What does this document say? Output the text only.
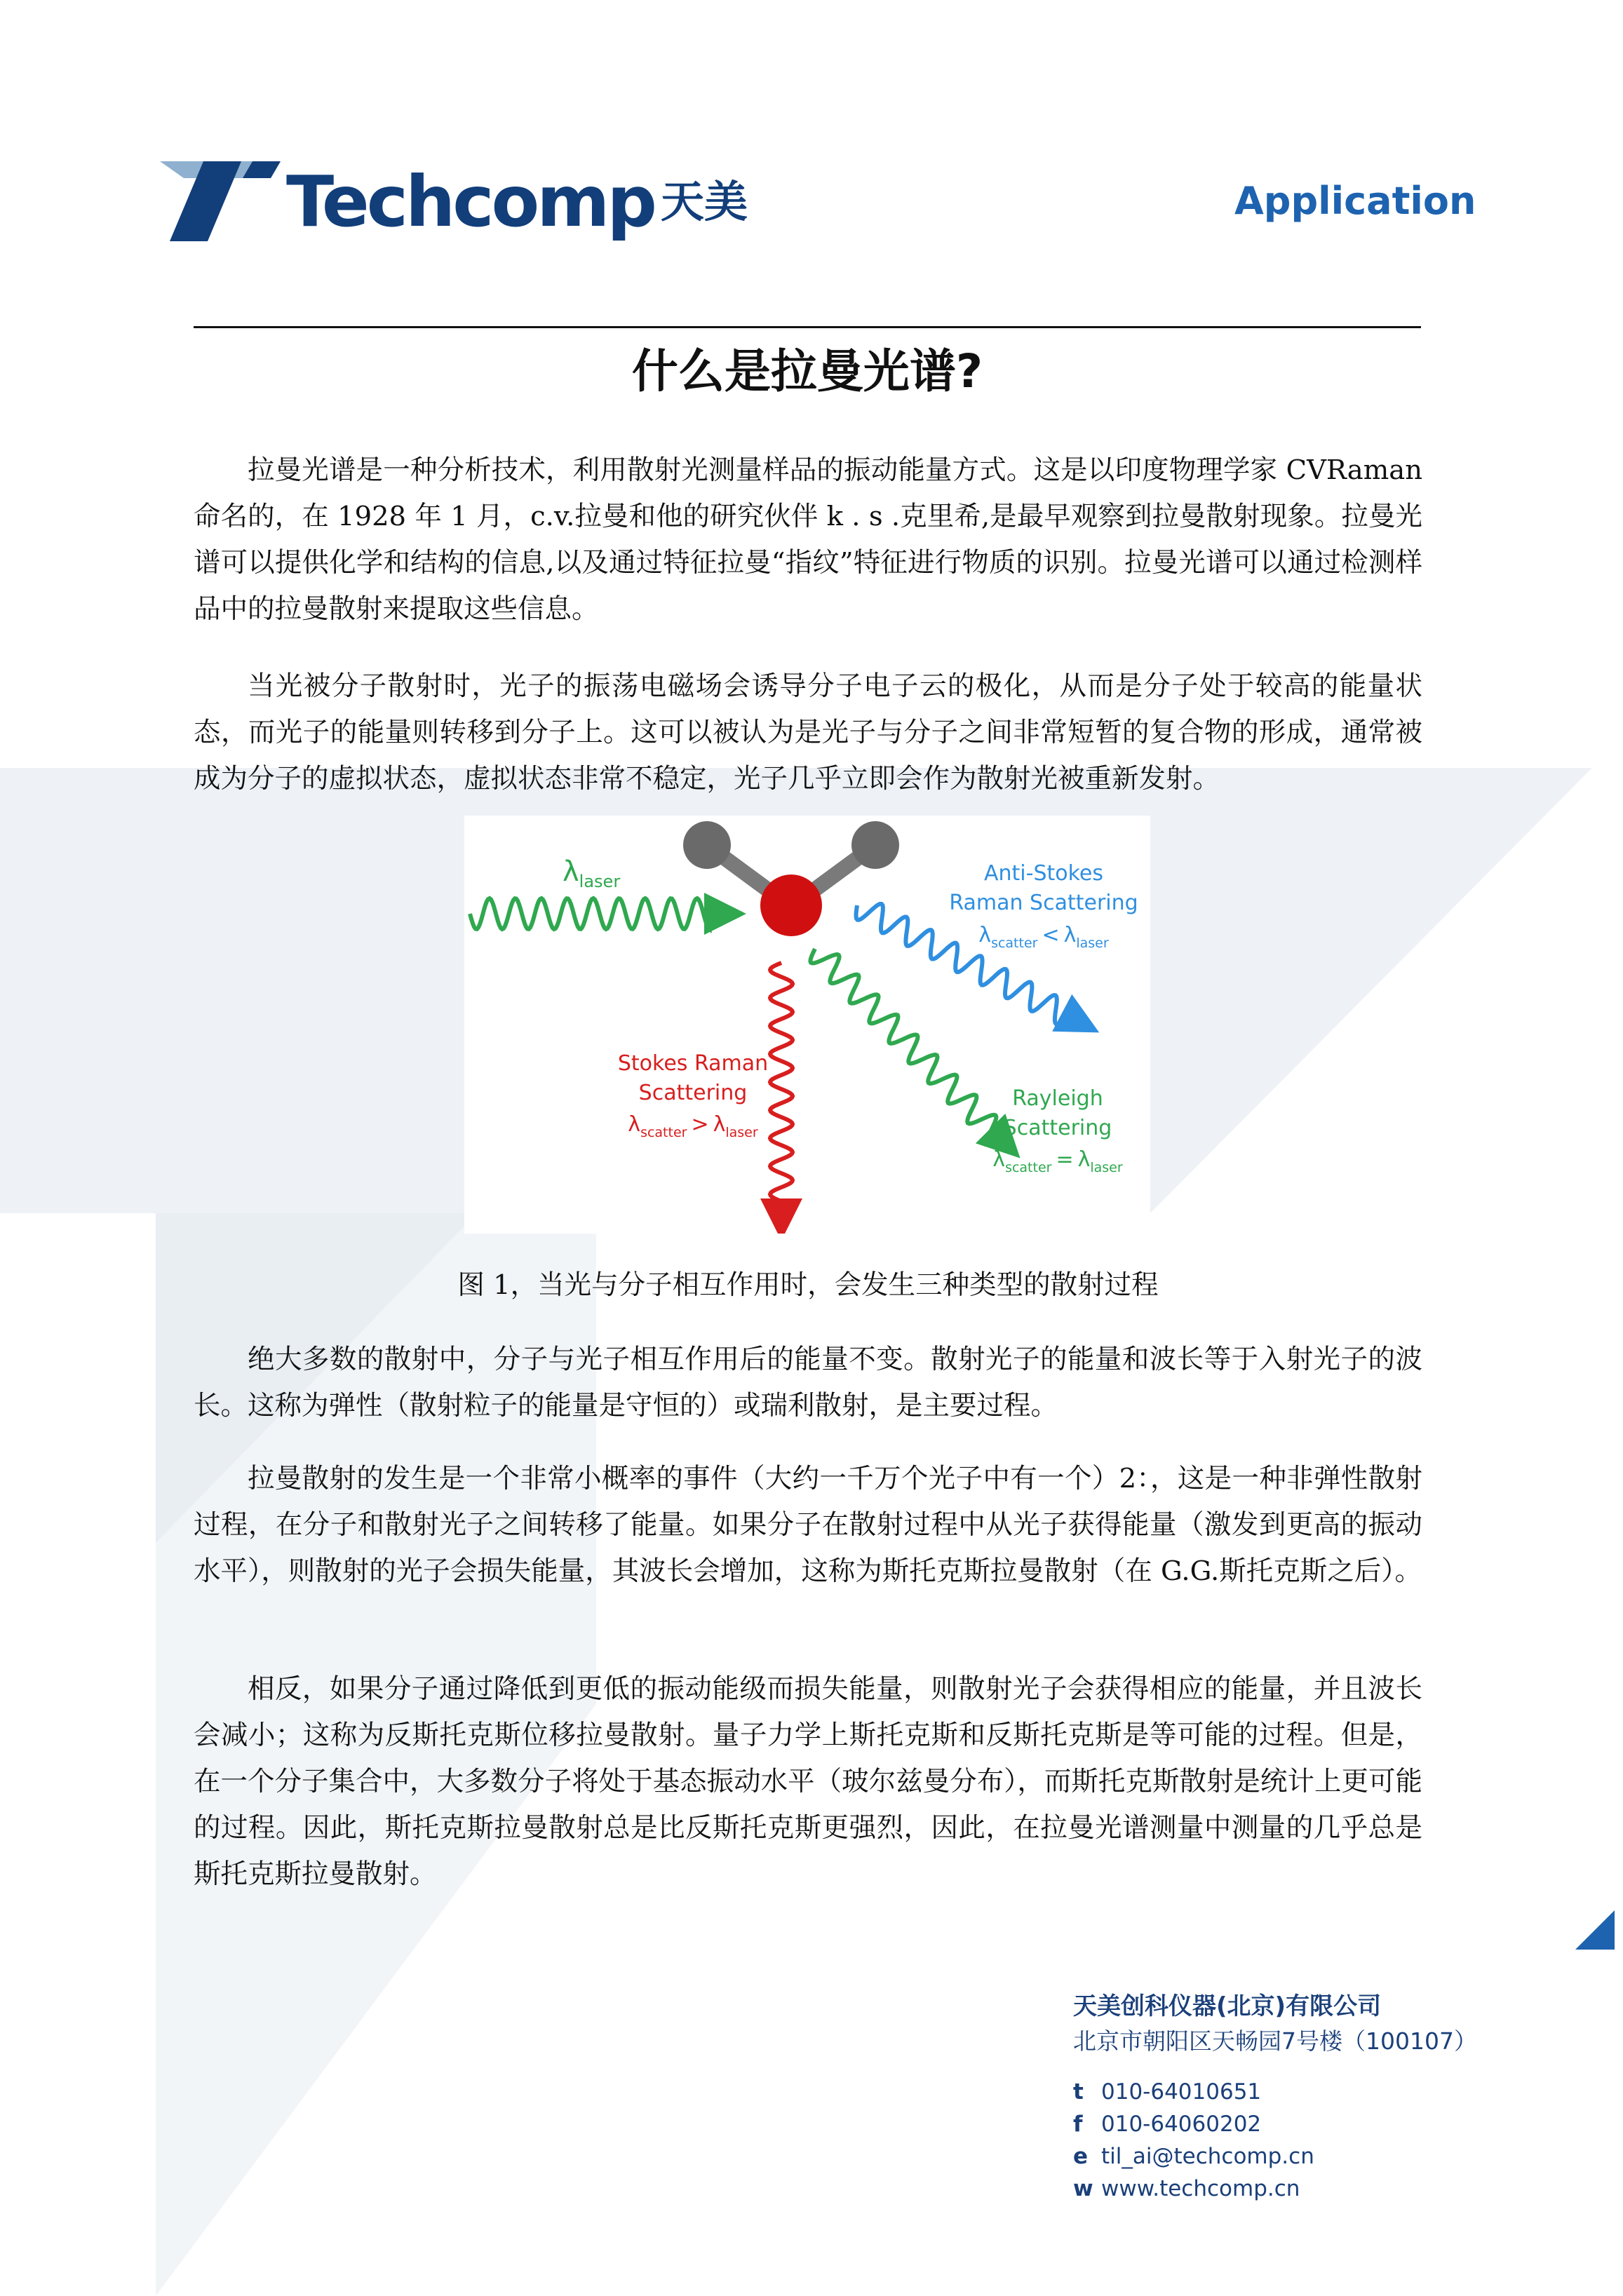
Techcomp 天美	Application
什么是拉曼光谱?

拉曼光谱是一种分析技术，利用散射光测量样品的振动能量方式。这是以印度物理学家 CVRaman 命名的，在 1928 年 1 月，c.v.拉曼和他的研究伙伴 k . s .克里希,是最早观察到拉曼散射现象。拉曼光谱可以提供化学和结构的信息,以及通过特征拉曼“指纹”特征进行物质的识别。拉曼光谱可以通过检测样品中的拉曼散射来提取这些信息。

当光被分子散射时，光子的振荡电磁场会诱导分子电子云的极化，从而是分子处于较高的能量状态，而光子的能量则转移到分子上。这可以被认为是光子与分子之间非常短暂的复合物的形成，通常被成为分子的虚拟状态，虚拟状态非常不稳定，光子几乎立即会作为散射光被重新发射。

$\lambda_{laser}$	Anti-Stokes
Raman Scattering
$\lambda_{scatter} < \lambda_{laser}$
Stokes Raman
Scattering
$\lambda_{scatter} > \lambda_{laser}$
Rayleigh
Scattering
$\lambda_{scatter} = \lambda_{laser}$
图 1，当光与分子相互作用时，会发生三种类型的散射过程

绝大多数的散射中，分子与光子相互作用后的能量不变。散射光子的能量和波长等于入射光子的波长。这称为弹性（散射粒子的能量是守恒的）或瑞利散射，是主要过程。

拉曼散射的发生是一个非常小概率的事件（大约一千万个光子中有一个）2：，这是一种非弹性散射过程，在分子和散射光子之间转移了能量。如果分子在散射过程中从光子获得能量（激发到更高的振动水平），则散射的光子会损失能量，其波长会增加，这称为斯托克斯拉曼散射（在 G.G.斯托克斯之后）。

相反，如果分子通过降低到更低的振动能级而损失能量，则散射光子会获得相应的能量，并且波长会减小；这称为反斯托克斯位移拉曼散射。量子力学上斯托克斯和反斯托克斯是等可能的过程。但是，在一个分子集合中，大多数分子将处于基态振动水平（玻尔兹曼分布），而斯托克斯散射是统计上更可能的过程。因此，斯托克斯拉曼散射总是比反斯托克斯更强烈，因此，在拉曼光谱测量中测量的几乎总是斯托克斯拉曼散射。

天美创科仪器(北京)有限公司
北京市朝阳区天畅园7号楼（100107）
t 010-64010651
f 010-64060202
e til_ai@techcomp.cn
w www.techcomp.cn
